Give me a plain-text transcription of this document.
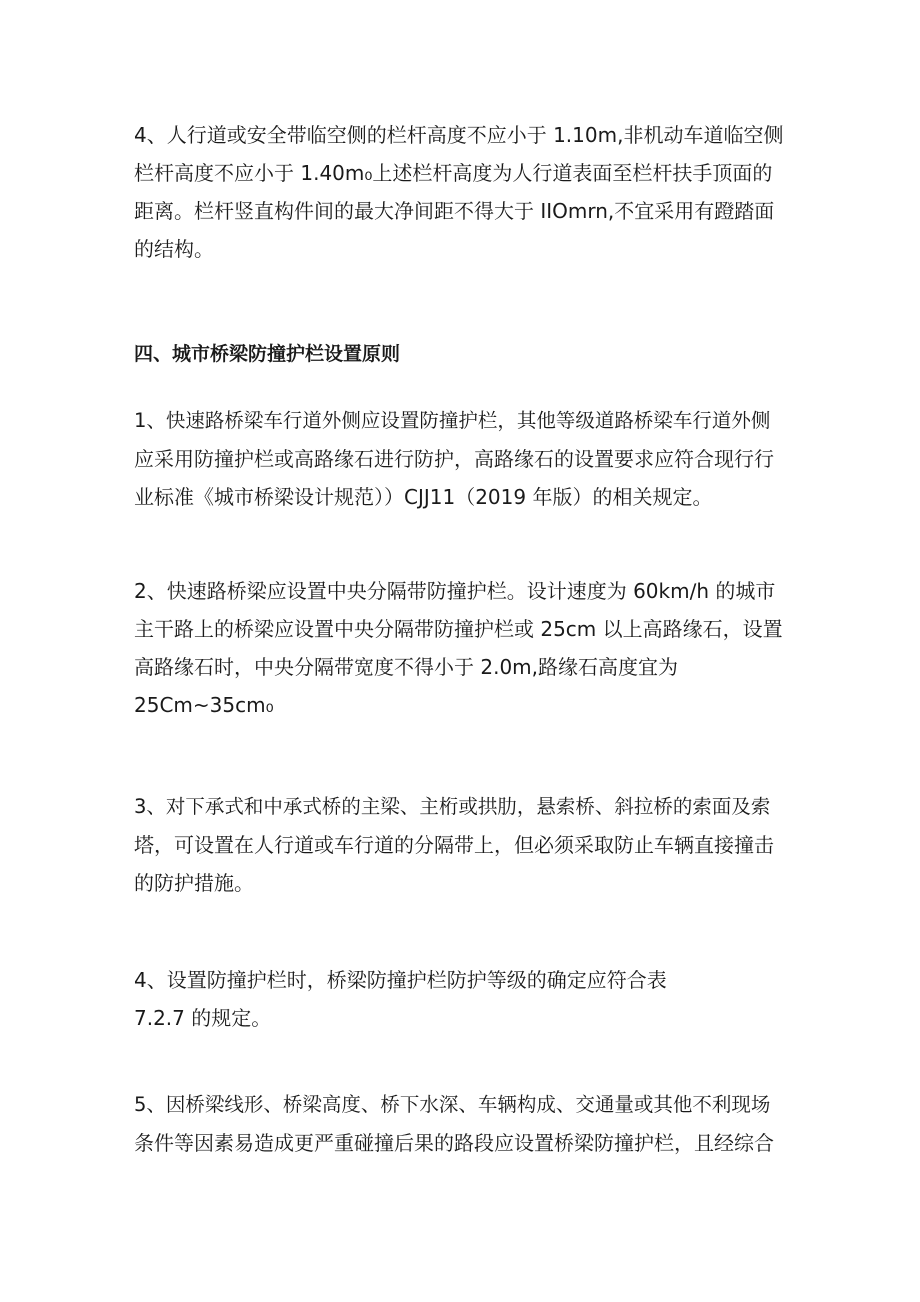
4、人行道或安全带临空侧的栏杆高度不应小于 1.10m,非机动车道临空侧
栏杆高度不应小于 1.40m₀上述栏杆高度为人行道表面至栏杆扶手顶面的
距离。栏杆竖直构件间的最大净间距不得大于 IIOmrn,不宜采用有蹬踏面
的结构。
四、城市桥梁防撞护栏设置原则
1、快速路桥梁车行道外侧应设置防撞护栏，其他等级道路桥梁车行道外侧
应采用防撞护栏或高路缘石进行防护，高路缘石的设置要求应符合现行行
业标准《城市桥梁设计规范））CJJ11（2019 年版）的相关规定。
2、快速路桥梁应设置中央分隔带防撞护栏。设计速度为 60km∕h 的城市
主干路上的桥梁应设置中央分隔带防撞护栏或 25cm 以上高路缘石，设置
高路缘石时，中央分隔带宽度不得小于 2.0m,路缘石高度宜为
25Cm~35cm₀
3、对下承式和中承式桥的主梁、主桁或拱肋，悬索桥、斜拉桥的索面及索
塔，可设置在人行道或车行道的分隔带上，但必须采取防止车辆直接撞击
的防护措施。
4、设置防撞护栏时，桥梁防撞护栏防护等级的确定应符合表
7.2.7 的规定。
5、因桥梁线形、桥梁高度、桥下水深、车辆构成、交通量或其他不利现场
条件等因素易造成更严重碰撞后果的路段应设置桥梁防撞护栏，且经综合
